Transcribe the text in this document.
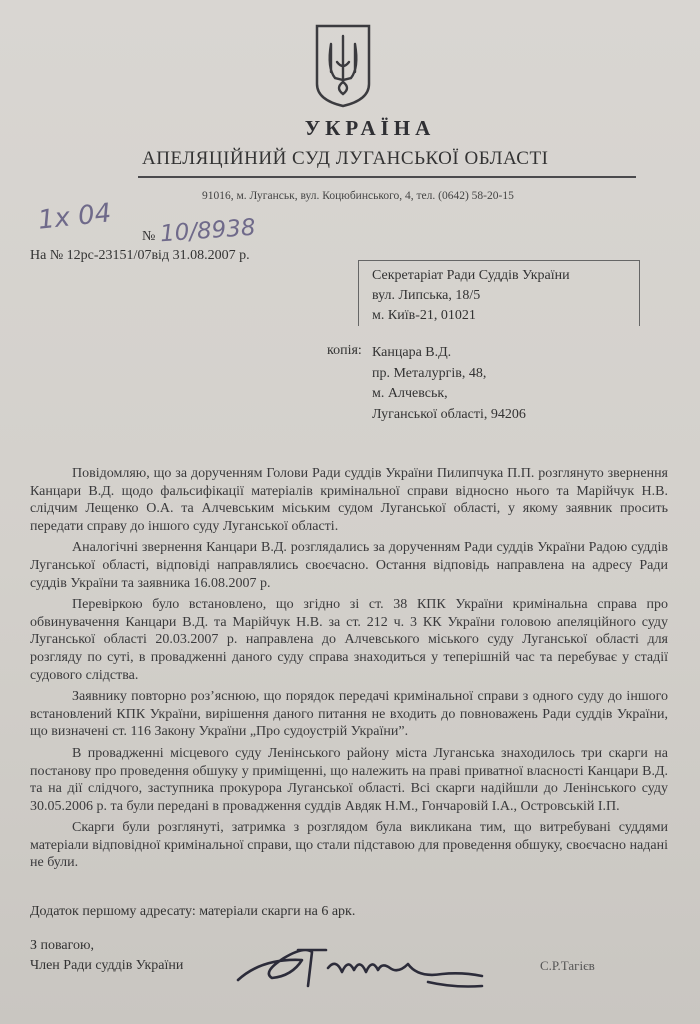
УКРАЇНА
АПЕЛЯЦІЙНИЙ СУД ЛУГАНСЬКОЇ ОБЛАСТІ
91016, м. Луганськ, вул. Коцюбинського, 4, тел. (0642) 58-20-15
1х 04
№ 10/8938
На № 12рс-23151/07від 31.08.2007 р.
Секретаріат Ради Суддів України
вул. Липська, 18/5
м. Київ-21, 01021
копія: Канцара В.Д.
пр. Металургів, 48,
м. Алчевськ,
Луганської області, 94206

Повідомляю, що за дорученням Голови Ради суддів України Пилипчука П.П. розглянуто звернення Канцари В.Д. щодо фальсифікації матеріалів кримінальної справи відносно нього та Марійчук Н.В. слідчим Лещенко О.А. та Алчевським міським судом Луганської області, у якому заявник просить передати справу до іншого суду Луганської області.

Аналогічні звернення Канцари В.Д. розглядались за дорученням Ради суддів України Радою суддів Луганської області, відповіді направлялись своєчасно. Остання відповідь направлена на адресу Ради суддів України та заявника 16.08.2007 р.

Перевіркою було встановлено, що згідно зі ст. 38 КПК України кримінальна справа про обвинувачення Канцари В.Д. та Марійчук Н.В. за ст. 212 ч. 3 КК України головою апеляційного суду Луганської області 20.03.2007 р. направлена до Алчевського міського суду Луганської області для розгляду по суті, в провадженні даного суду справа знаходиться у теперішній час та перебуває у стадії судового слідства.

Заявнику повторно роз’яснюю, що порядок передачі кримінальної справи з одного суду до іншого встановлений КПК України, вирішення даного питання не входить до повноважень Ради суддів України, що визначені ст. 116 Закону України „Про судоустрій України”.

В провадженні місцевого суду Ленінського району міста Луганська знаходилось три скарги на постанову про проведення обшуку у приміщенні, що належить на праві приватної власності Канцари В.Д. та на дії слідчого, заступника прокурора Луганської області. Всі скарги надійшли до Ленінського суду 30.05.2006 р. та були передані в провадження суддів Авдяк Н.М., Гончаровій І.А., Островській І.П.

Скарги були розглянуті, затримка з розглядом була викликана тим, що витребувані суддями матеріали відповідної кримінальної справи, що стали підставою для проведення обшуку, своєчасно надані не були.

Додаток першому адресату: матеріали скарги на 6 арк.
З повагою,
Член Ради суддів України	С.Р.Тагієв
